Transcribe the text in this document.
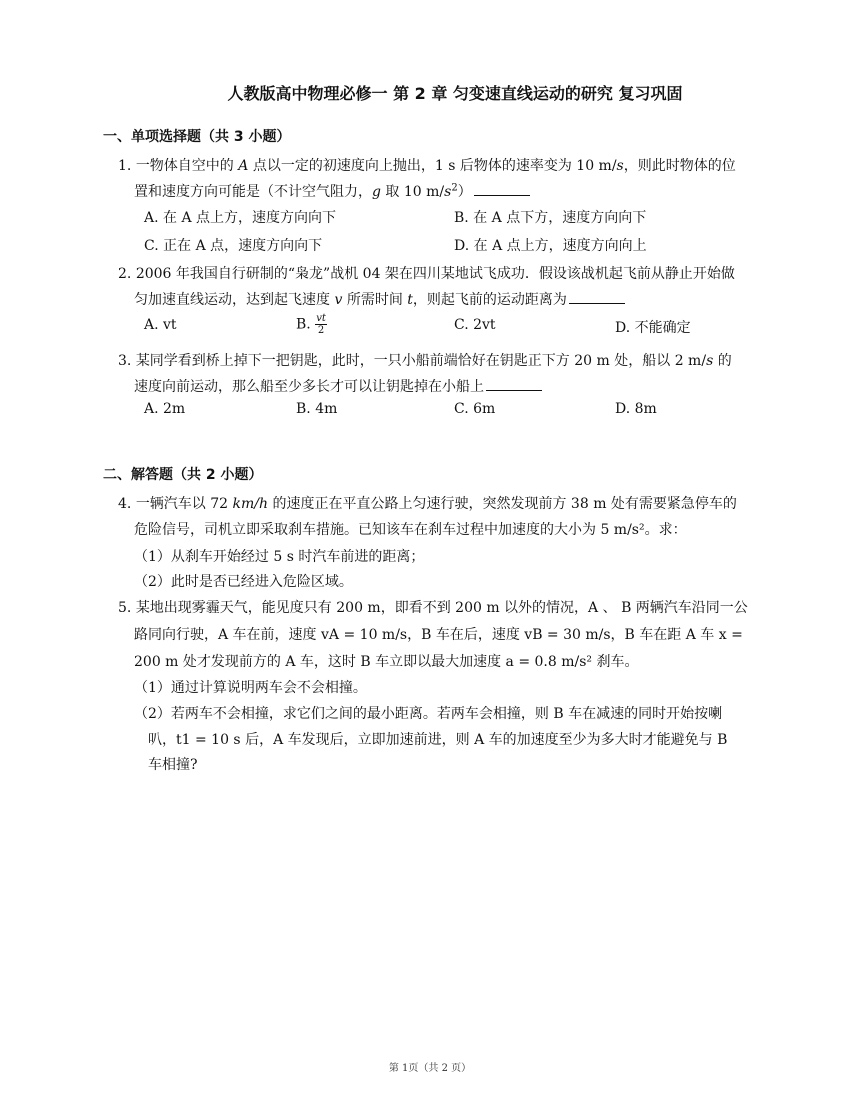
人教版高中物理必修一 第 2 章 匀变速直线运动的研究 复习巩固
一、单项选择题（共 3 小题）
1. 一物体自空中的 A 点以一定的初速度向上抛出，1 s 后物体的速率变为 10 m/s，则此时物体的位
置和速度方向可能是（不计空气阻力，g 取 10 $m/s^2$）
A. 在 A 点上方，速度方向向下	B. 在 A 点下方，速度方向向下
C. 正在 A 点，速度方向向下	D. 在 A 点上方，速度方向向上
2. 2006 年我国自行研制的“枭龙”战机 04 架在四川某地试飞成功．假设该战机起飞前从静止开始做
匀加速直线运动，达到起飞速度 v 所需时间 t，则起飞前的运动距离为
A. vt	B. $\frac{vt}{2}$	C. 2vt	D. 不能确定
3. 某同学看到桥上掉下一把钥匙，此时，一只小船前端恰好在钥匙正下方 20 m 处，船以 2 m/s 的
速度向前运动，那么船至少多长才可以让钥匙掉在小船上
A. 2m	B. 4m	C. 6m	D. 8m
二、解答题（共 2 小题）
4. 一辆汽车以 72 km/h 的速度正在平直公路上匀速行驶，突然发现前方 38 m 处有需要紧急停车的
危险信号，司机立即采取刹车措施。已知该车在刹车过程中加速度的大小为 5 m/s²。求：
（1）从刹车开始经过 5 s 时汽车前进的距离；
（2）此时是否已经进入危险区域。
5. 某地出现雾霾天气，能见度只有 200 m，即看不到 200 m 以外的情况，A 、 B 两辆汽车沿同一公
路同向行驶，A 车在前，速度 vA = 10 m/s，B 车在后，速度 vB = 30 m/s，B 车在距 A 车 x =
200 m 处才发现前方的 A 车，这时 B 车立即以最大加速度 a = 0.8 m/s² 刹车。
（1）通过计算说明两车会不会相撞。
（2）若两车不会相撞，求它们之间的最小距离。若两车会相撞，则 B 车在减速的同时开始按喇
叭，t1 = 10 s 后，A 车发现后，立即加速前进，则 A 车的加速度至少为多大时才能避免与 B
车相撞?
第 1页（共 2 页）
